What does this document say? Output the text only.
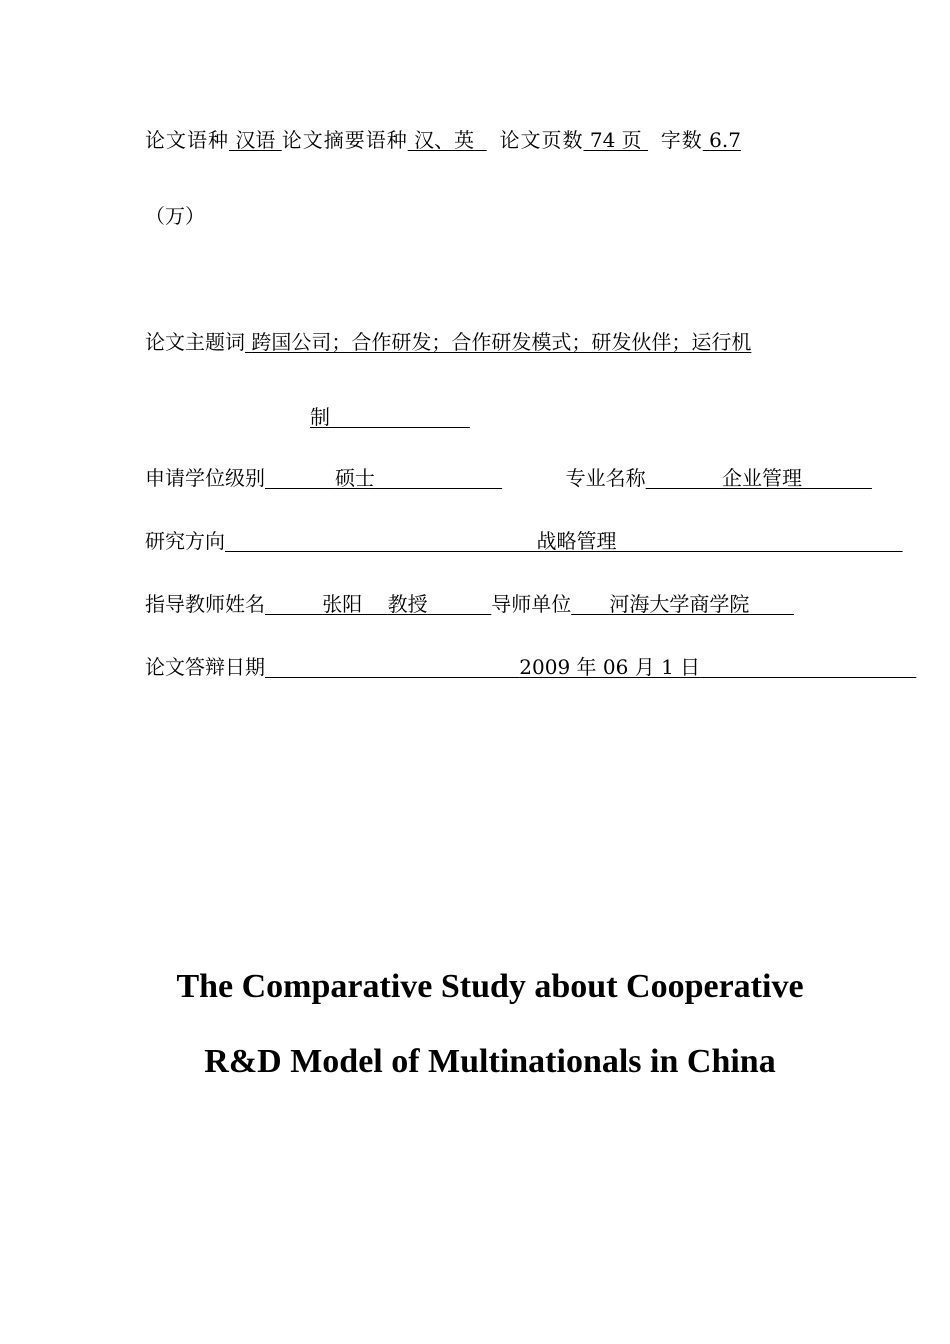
论文语种 汉语 论文摘要语种 汉、英 论文页数 74 页 字数 6.7
（万）
论文主题词 跨国公司；合作研发；合作研发模式；研发伙伴；运行机
制
申请学位级别	硕士	专业名称	企业管理
研究方向	战略管理
指导教师姓名	张阳 教授	导师单位 河海大学商学院
论文答辩日期	2009 年 06 月 1 日
The Comparative Study about Cooperative
R&D Model of Multinationals in China
